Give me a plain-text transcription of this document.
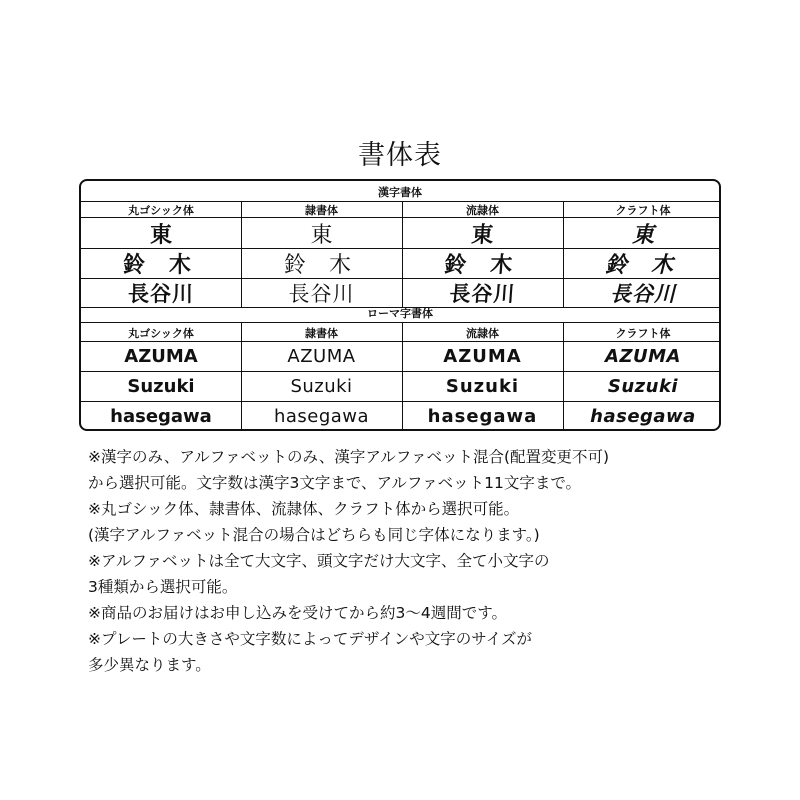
書体表
漢字書体
丸ゴシック体	隷書体	流隷体	クラフト体
東	東	東	東
鈴 木	鈴 木	鈴 木	鈴 木
長谷川	長谷川	長谷川	長谷川
ローマ字書体
丸ゴシック体	隷書体	流隷体	クラフト体
AZUMA	AZUMA	AZUMA	AZUMA
Suzuki	Suzuki	Suzuki	Suzuki
hasegawa	hasegawa	hasegawa	hasegawa
※漢字のみ、アルファベットのみ、漢字アルファベット混合(配置変更不可)
から選択可能。文字数は漢字3文字まで、アルファベット11文字まで。
※丸ゴシック体、隷書体、流隷体、クラフト体から選択可能。
(漢字アルファベット混合の場合はどちらも同じ字体になります。)
※アルファベットは全て大文字、頭文字だけ大文字、全て小文字の
3種類から選択可能。
※商品のお届けはお申し込みを受けてから約3〜4週間です。
※プレートの大きさや文字数によってデザインや文字のサイズが
多少異なります。
